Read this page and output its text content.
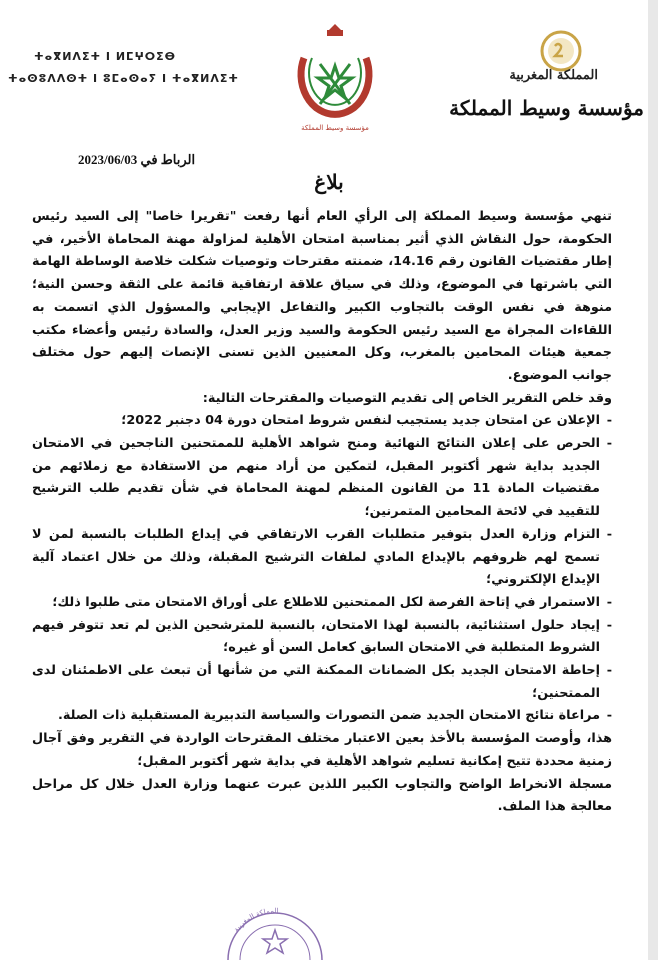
ⵜⴰⴳⵍⴷⵉⵜ ⵏ ⵍⵎⵖⵔⵉⴱ
ⵜⴰⵙⵓⴷⴷⵙⵜ ⵏ ⵓⵎⴰⵙⴰⵢ ⵏ ⵜⴰⴳⵍⴷⵉⵜ
مؤسسة وسيط المملكة
المملكة المغربية
مؤسسة وسيط المملكة
الرباط في 2023/06/03
بلاغ

تنهي مؤسسة وسيط المملكة إلى الرأي العام أنها رفعت "تقريرا خاصا" إلى السيد رئيس الحكومة، حول النقاش الذي أثير بمناسبة امتحان الأهلية لمزاولة مهنة المحاماة الأخير، في إطار مقتضيات القانون رقم 14.16، ضمنته مقترحات وتوصيات شكلت خلاصة الوساطة الهامة التي باشرتها في الموضوع، وذلك في سياق علاقة ارتفاقية قائمة على الثقة وحسن النية؛ منوهة في نفس الوقت بالتجاوب الكبير والتفاعل الإيجابي والمسؤول الذي اتسمت به اللقاءات المجراة مع السيد رئيس الحكومة والسيد وزير العدل، والسادة رئيس وأعضاء مكتب جمعية هيئات المحامين بالمغرب، وكل المعنيين الذين تسنى الإنصات إليهم حول مختلف جوانب الموضوع.

وقد خلص التقرير الخاص إلى تقديم التوصيات والمقترحات التالية:

- الإعلان عن امتحان جديد يستجيب لنفس شروط امتحان دورة 04 دجنبر 2022؛
- الحرص على إعلان النتائج النهائية ومنح شواهد الأهلية للممتحنين الناجحين في الامتحان الجديد بداية شهر أكتوبر المقبل، لتمكين من أراد منهم من الاستفادة مع زملائهم من مقتضيات المادة 11 من القانون المنظم لمهنة المحاماة في شأن تقديم طلب الترشيح للتقييد في لائحة المحامين المتمرنين؛
- التزام وزارة العدل بتوفير متطلبات القرب الارتفاقي في إيداع الطلبات بالنسبة لمن لا تسمح لهم ظروفهم بالإيداع المادي لملفات الترشيح المقبلة، وذلك من خلال اعتماد آلية الإيداع الإلكتروني؛
- الاستمرار في إتاحة الفرصة لكل الممتحنين للاطلاع على أوراق الامتحان متى طلبوا ذلك؛
- إيجاد حلول استثنائية، بالنسبة لهذا الامتحان، بالنسبة للمترشحين الذين لم تعد تتوفر فيهم الشروط المتطلبة في الامتحان السابق كعامل السن أو غيره؛
- إحاطة الامتحان الجديد بكل الضمانات الممكنة التي من شأنها أن تبعث على الاطمئنان لدى الممتحنين؛
- مراعاة نتائج الامتحان الجديد ضمن التصورات والسياسة التدبيرية المستقبلية ذات الصلة.

هذا، وأوصت المؤسسة بالأخذ بعين الاعتبار مختلف المقترحات الواردة في التقرير وفق آجال زمنية محددة تتيح إمكانية تسليم شواهد الأهلية في بداية شهر أكتوبر المقبل؛

مسجلة الانخراط الواضح والتجاوب الكبير اللذين عبرت عنهما وزارة العدل خلال كل مراحل معالجة هذا الملف.

المملكة المغربية
